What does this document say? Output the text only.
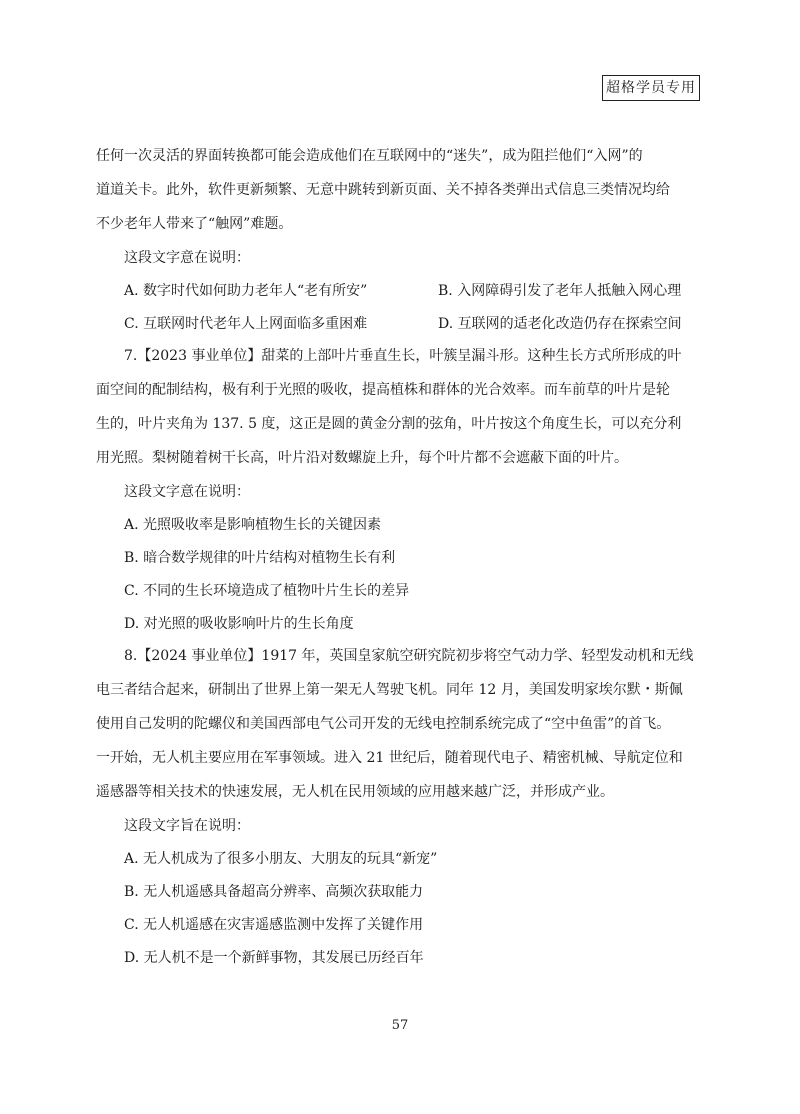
超格学员专用
任何一次灵活的界面转换都可能会造成他们在互联网中的“迷失”，成为阻拦他们“入网”的
道道关卡。此外，软件更新频繁、无意中跳转到新页面、关不掉各类弹出式信息三类情况均给
不少老年人带来了“触网”难题。
这段文字意在说明：
A. 数字时代如何助力老年人“老有所安”	B. 入网障碍引发了老年人抵触入网心理
C. 互联网时代老年人上网面临多重困难	D. 互联网的适老化改造仍存在探索空间
7.【2023 事业单位】甜菜的上部叶片垂直生长，叶簇呈漏斗形。这种生长方式所形成的叶
面空间的配制结构，极有利于光照的吸收，提高植株和群体的光合效率。而车前草的叶片是轮
生的，叶片夹角为 137. 5 度，这正是圆的黄金分割的弦角，叶片按这个角度生长，可以充分利
用光照。梨树随着树干长高，叶片沿对数螺旋上升，每个叶片都不会遮蔽下面的叶片。
这段文字意在说明：
A. 光照吸收率是影响植物生长的关键因素
B. 暗合数学规律的叶片结构对植物生长有利
C. 不同的生长环境造成了植物叶片生长的差异
D. 对光照的吸收影响叶片的生长角度
8.【2024 事业单位】1917 年，英国皇家航空研究院初步将空气动力学、轻型发动机和无线
电三者结合起来，研制出了世界上第一架无人驾驶飞机。同年 12 月，美国发明家埃尔默・斯佩
使用自己发明的陀螺仪和美国西部电气公司开发的无线电控制系统完成了“空中鱼雷”的首飞。
一开始，无人机主要应用在军事领域。进入 21 世纪后，随着现代电子、精密机械、导航定位和
遥感器等相关技术的快速发展，无人机在民用领域的应用越来越广泛，并形成产业。
这段文字旨在说明：
A. 无人机成为了很多小朋友、大朋友的玩具“新宠”
B. 无人机遥感具备超高分辨率、高频次获取能力
C. 无人机遥感在灾害遥感监测中发挥了关键作用
D. 无人机不是一个新鲜事物，其发展已历经百年
57
